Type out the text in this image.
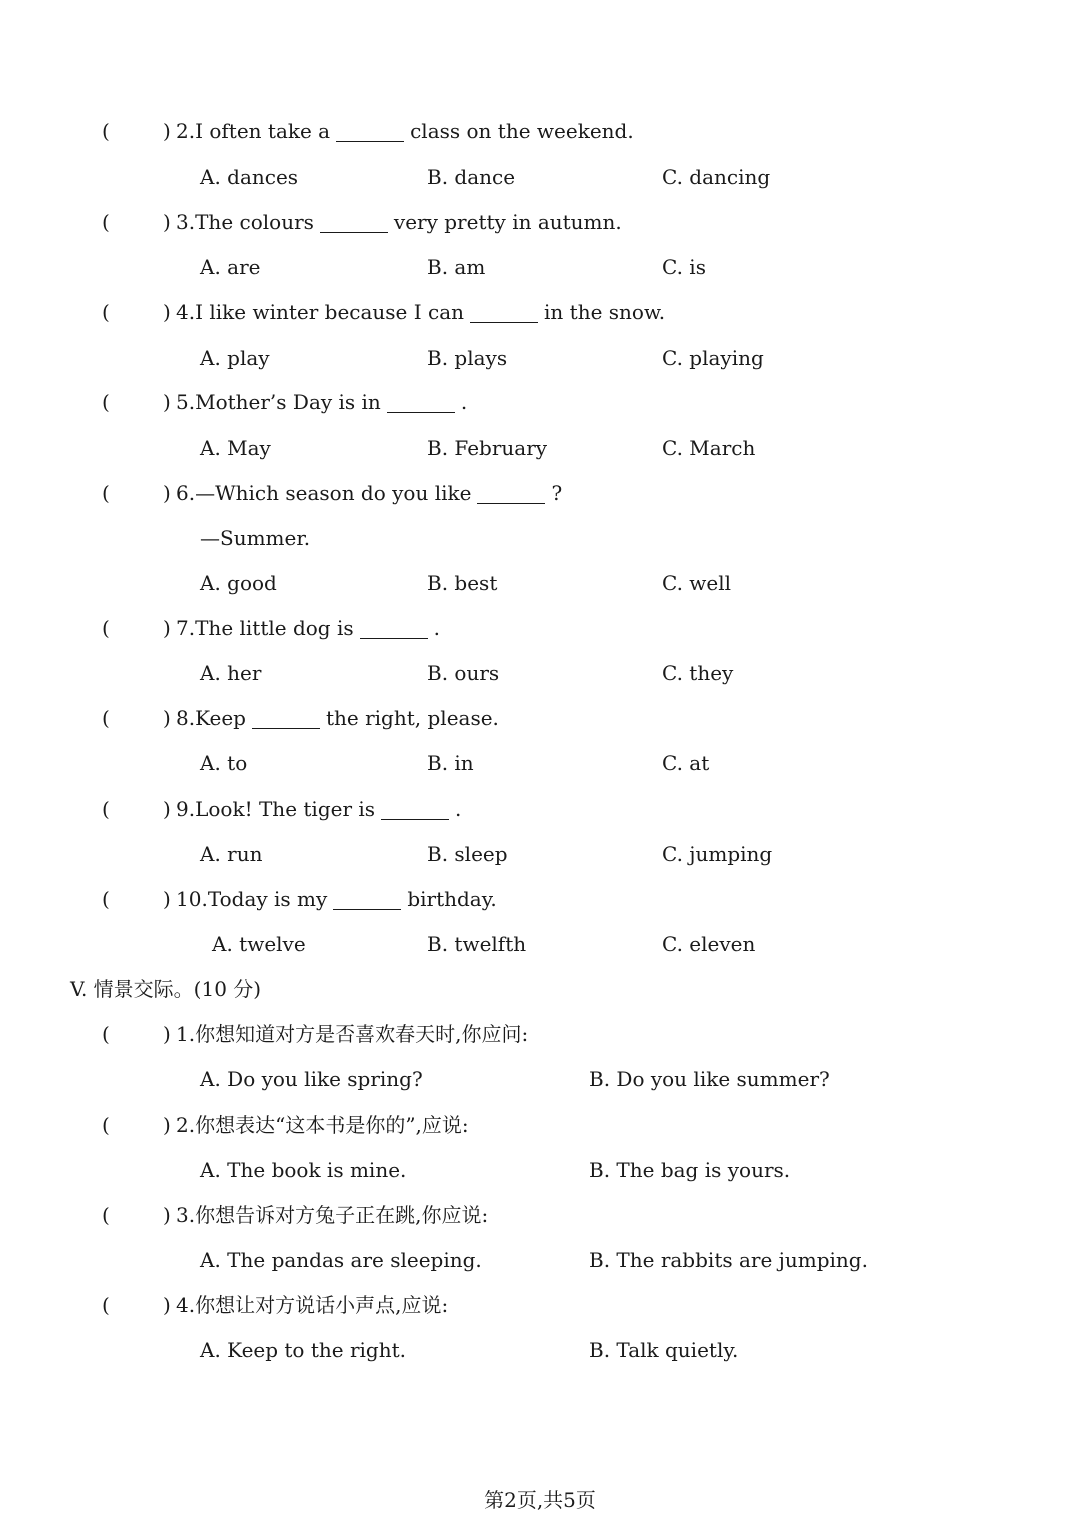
(	) 2.I often take a	class on the weekend.
A. dances	B. dance	C. dancing
(	) 3.The colours	very pretty in autumn.
A. are	B. am	C. is
(	) 4.I like winter because I can	in the snow.
A. play	B. plays	C. playing
(	) 5.Mother’s Day is in	.
A. May	B. February	C. March
(	) 6.—Which season do you like	?
—Summer.
A. good	B. best	C. well
(	) 7.The little dog is	.
A. her	B. ours	C. they
(	) 8.Keep	the right, please.
A. to	B. in	C. at
(	) 9.Look! The tiger is	.
A. run	B. sleep	C. jumping
(	) 10.Today is my	birthday.
A. twelve	B. twelfth	C. eleven
V. 情景交际。(10 分)
(	) 1.你想知道对方是否喜欢春天时,你应问:
A. Do you like spring?	B. Do you like summer?
(	) 2.你想表达“这本书是你的”,应说:
A. The book is mine.	B. The bag is yours.
(	) 3.你想告诉对方兔子正在跳,你应说:
A. The pandas are sleeping.	B. The rabbits are jumping.
(	) 4.你想让对方说话小声点,应说:
A. Keep to the right.	B. Talk quietly.
第2页,共5页
